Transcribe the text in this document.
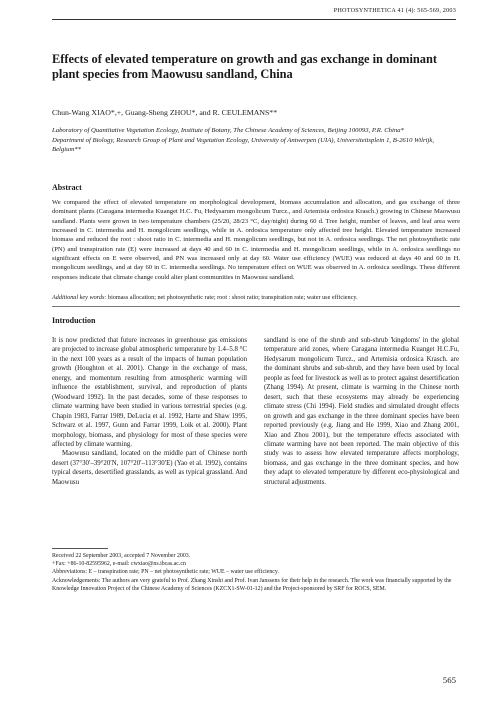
PHOTOSYNTHETICA 41 (4): 565-569, 2003
Effects of elevated temperature on growth and gas exchange in dominant plant species from Maowusu sandland, China
Chun-Wang XIAO*,+, Guang-Sheng ZHOU*, and R. CEULEMANS**

Laboratory of Quantitative Vegetation Ecology, Institute of Botany, The Chinese Academy of Sciences, Beijing 100093, P.R. China*

Department of Biology, Research Group of Plant and Vegetation Ecology, University of Antwerpen (UIA), Universiteitsplein 1, B-2610 Wilrijk, Belgium**

Abstract

We compared the effect of elevated temperature on morphological development, biomass accumulation and allocation, and gas exchange of three dominant plants (Caragana intermedia Kuanget H.C. Fu, Hedysarum mongolicum Turcz., and Artemisia ordosica Krasch.) growing in Chinese Maowusu sandland. Plants were grown in two temperature chambers (25/20, 28/23 °C, day/night) during 60 d. Tree height, number of leaves, and leaf area were increased in C. intermedia and H. mongolicum seedlings, while in A. ordosica temperature only affected tree height. Elevated temperature increased biomass and reduced the root : shoot ratio in C. intermedia and H. mongolicum seedlings, but not in A. ordosica seedlings. The net photosynthetic rate (PN) and transpiration rate (E) were increased at days 40 and 60 in C. intermedia and H. mongolicum seedlings, while in A. ordosica seedlings no significant effects on E were observed, and PN was increased only at day 60. Water use efficiency (WUE) was reduced at days 40 and 60 in H. mongolicum seedlings, and at day 60 in C. intermedia seedlings. No temperature effect on WUE was observed in A. ordosica seedlings. These different responses indicate that climate change could alter plant communities in Maowusu sandland.

Additional key words: biomass allocation; net photosynthetic rate; root : shoot ratio; transpiration rate; water use efficiency.

Introduction

It is now predicted that future increases in greenhouse gas emissions are projected to increase global atmospheric temperature by 1.4–5.8 °C in the next 100 years as a result of the impacts of human population growth (Houghton et al. 2001). Change in the exchange of mass, energy, and momentum resulting from atmospheric warming will influence the establishment, survival, and reproduction of plants (Woodward 1992). In the past decades, some of these responses to climate warming have been studied in various terrestrial species (e.g. Chapin 1983, Farrar 1989, DeLucia et al. 1992, Harte and Shaw 1995, Schwarz et al. 1997, Gunn and Farrar 1999, Loik et al. 2000). Plant morphology, biomass, and physiology for most of these species were affected by climate warming.

Maowusu sandland, located on the middle part of Chinese north desert (37°30′–39°20′N, 107°20′–113°30′E) (Yao et al. 1992), contains typical deserts, desertified grasslands, as well as typical grassland. And Maowusu

sandland is one of the shrub and sub-shrub 'kingdoms' in the global temperature arid zones, where Caragana intermedia Kuanget H.C.Fu, Hedysarum mongolicum Turcz., and Artemisia ordosica Krasch. are the dominant shrubs and sub-shrub, and they have been used by local people as feed for livestock as well as to protect against desertification (Zhang 1994). At present, climate is warming in the Chinese north desert, such that these ecosystems may already be experiencing climate stress (Chi 1994). Field studies and simulated drought effects on growth and gas exchange in the three dominant species have been reported previously (e.g. Jiang and He 1999, Xiao and Zhang 2001, Xiao and Zhou 2001), but the temperature effects associated with climate warming have not been reported. The main objective of this study was to assess how elevated temperature affects morphology, biomass, and gas exchange in the three dominant species, and how they adapt to elevated temperature by different eco-physiological and structural adjustments.

Received 22 September 2003, accepted 7 November 2003.

+Fax: +86-10-82595962, e-mail: cwxiao@ns.ibcas.ac.cn

Abbreviations: E – transpiration rate; PN – net photosynthetic rate; WUE – water use efficiency.

Acknowledgements: The authors are very grateful to Prof. Zhang Xinshi and Prof. Ivan Janssens for their help in the research. The work was financially supported by the Knowledge Innovation Project of the Chinese Academy of Sciences (KZCX1-SW-01-12) and the Project-sponsored by SRF for ROCS, SEM.

565
